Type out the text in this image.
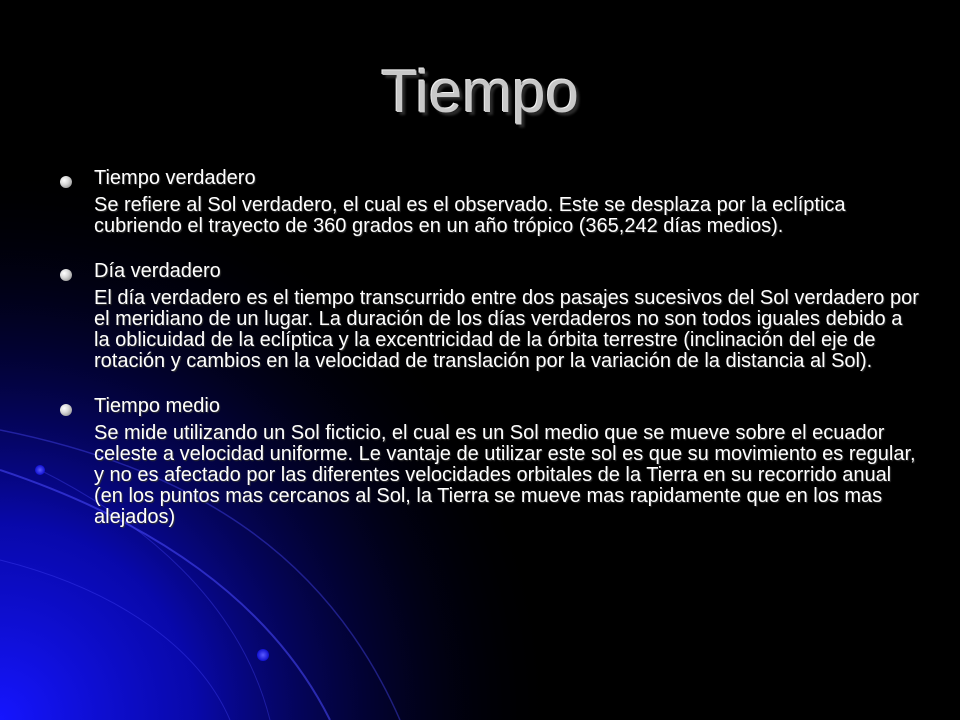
Tiempo
Tiempo verdadero
Se refiere al Sol verdadero, el cual es el observado. Este se desplaza por la eclíptica cubriendo el trayecto de 360 grados en un año trópico (365,242 días medios).
Día verdadero
El día verdadero es el tiempo transcurrido entre dos pasajes sucesivos del Sol verdadero por el meridiano de un lugar. La duración de los días verdaderos no son todos iguales debido a la oblicuidad de la eclíptica y la excentricidad de la órbita terrestre (inclinación del eje de rotación y cambios en la velocidad de translación por la variación de la distancia al Sol).
Tiempo medio
Se mide utilizando un Sol ficticio, el cual es un Sol medio que se mueve sobre el ecuador celeste a velocidad uniforme. Le vantaje de utilizar este sol es que su movimiento es regular, y no es afectado por las diferentes velocidades orbitales de la Tierra en su recorrido anual (en los puntos mas cercanos al Sol, la Tierra se mueve mas rapidamente que en los mas alejados)
